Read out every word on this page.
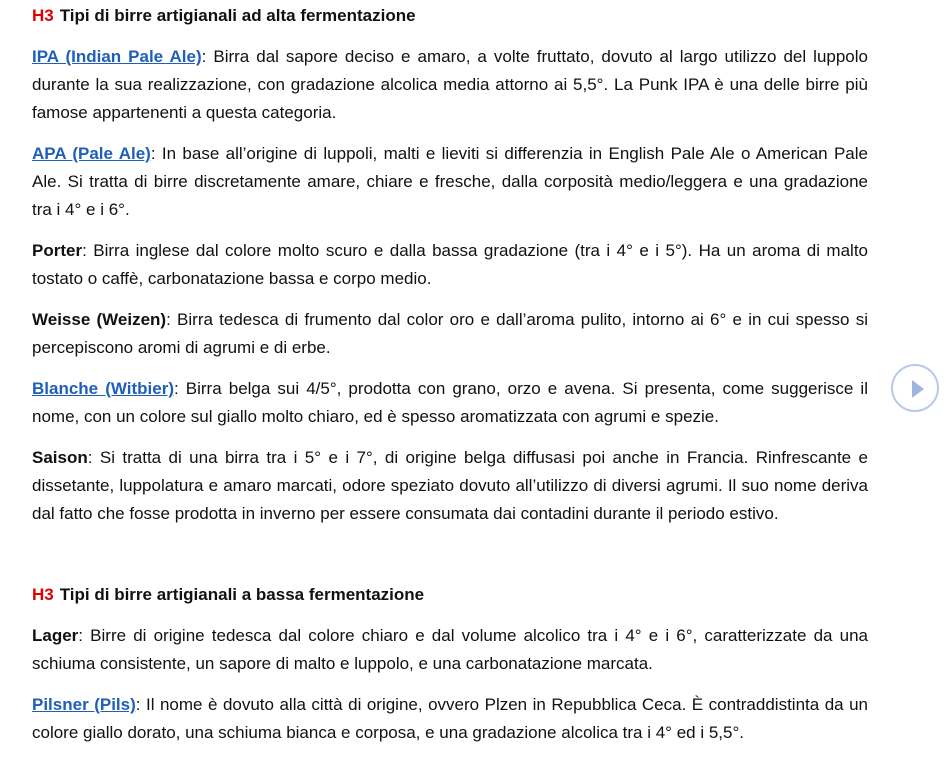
H3 Tipi di birre artigianali ad alta fermentazione

IPA (Indian Pale Ale): Birra dal sapore deciso e amaro, a volte fruttato, dovuto al largo utilizzo del luppolo durante la sua realizzazione, con gradazione alcolica media attorno ai 5,5°. La Punk IPA è una delle birre più famose appartenenti a questa categoria.

APA (Pale Ale): In base all’origine di luppoli, malti e lieviti si differenzia in English Pale Ale o American Pale Ale. Si tratta di birre discretamente amare, chiare e fresche, dalla corposità medio/leggera e una gradazione tra i 4° e i 6°.

Porter: Birra inglese dal colore molto scuro e dalla bassa gradazione (tra i 4° e i 5°). Ha un aroma di malto tostato o caffè, carbonatazione bassa e corpo medio.

Weisse (Weizen): Birra tedesca di frumento dal color oro e dall’aroma pulito, intorno ai 6° e in cui spesso si percepiscono aromi di agrumi e di erbe.

Blanche (Witbier): Birra belga sui 4/5°, prodotta con grano, orzo e avena. Si presenta, come suggerisce il nome, con un colore sul giallo molto chiaro, ed è spesso aromatizzata con agrumi e spezie.

Saison: Si tratta di una birra tra i 5° e i 7°, di origine belga diffusasi poi anche in Francia. Rinfrescante e dissetante, luppolatura e amaro marcati, odore speziato dovuto all’utilizzo di diversi agrumi. Il suo nome deriva dal fatto che fosse prodotta in inverno per essere consumata dai contadini durante il periodo estivo.

H3 Tipi di birre artigianali a bassa fermentazione

Lager: Birre di origine tedesca dal colore chiaro e dal volume alcolico tra i 4° e i 6°, caratterizzate da una schiuma consistente, un sapore di malto e luppolo, e una carbonatazione marcata.

Pilsner (Pils): Il nome è dovuto alla città di origine, ovvero Plzen in Repubblica Ceca. È contraddistinta da un colore giallo dorato, una schiuma bianca e corposa, e una gradazione alcolica tra i 4° ed i 5,5°.
